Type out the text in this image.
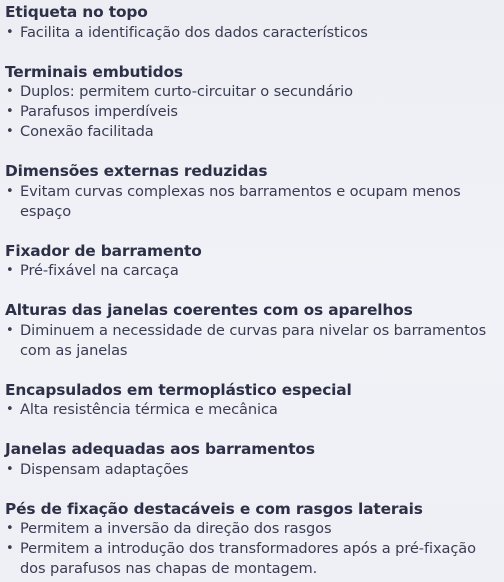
Etiqueta no topo
• Facilita a identificação dos dados característicos
Terminais embutidos
• Duplos: permitem curto-circuitar o secundário
• Parafusos imperdíveis
• Conexão facilitada
Dimensões externas reduzidas
• Evitam curvas complexas nos barramentos e ocupam menos espaço
Fixador de barramento
• Pré-fixável na carcaça
Alturas das janelas coerentes com os aparelhos
• Diminuem a necessidade de curvas para nivelar os barramentos com as janelas
Encapsulados em termoplástico especial
• Alta resistência térmica e mecânica
Janelas adequadas aos barramentos
• Dispensam adaptações
Pés de fixação destacáveis e com rasgos laterais
• Permitem a inversão da direção dos rasgos
• Permitem a introdução dos transformadores após a pré-fixação dos parafusos nas chapas de montagem.
